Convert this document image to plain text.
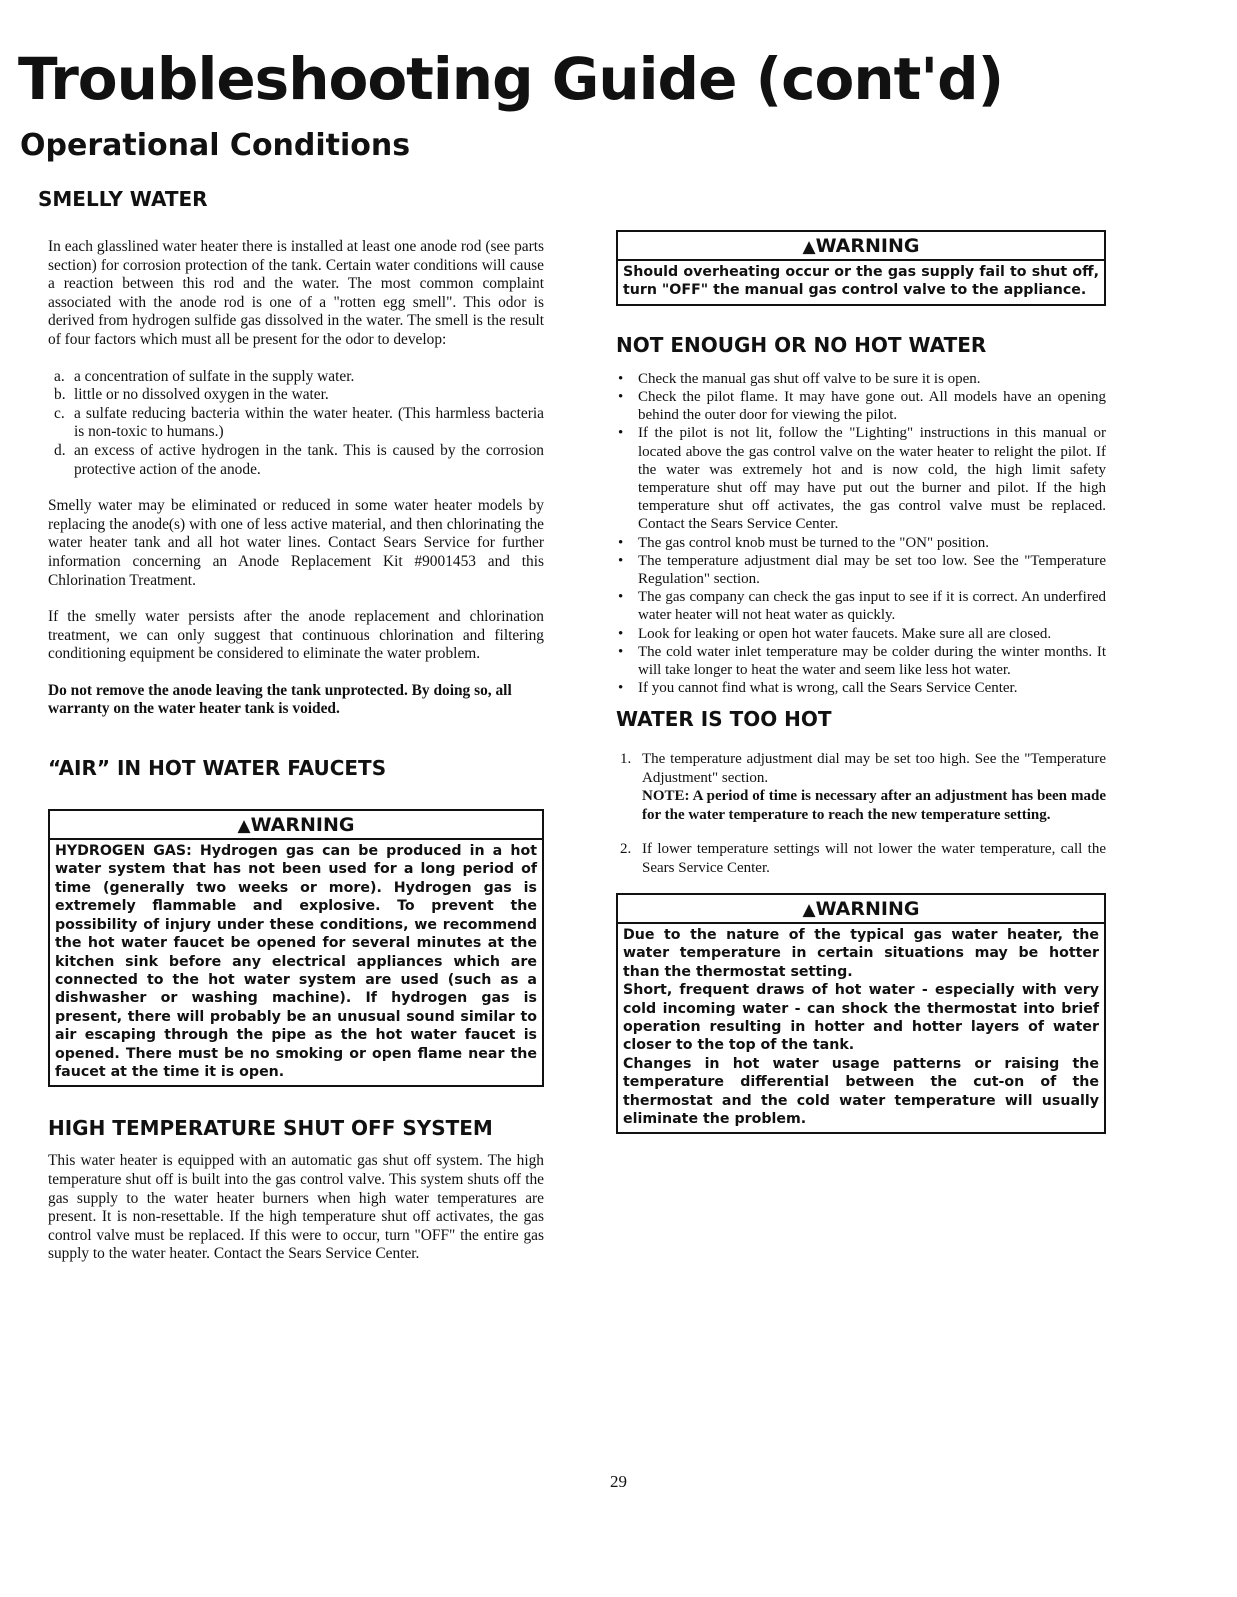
Troubleshooting Guide (cont'd)
Operational Conditions
SMELLY WATER

In each glasslined water heater there is installed at least one anode rod (see parts section) for corrosion protection of the tank. Certain water conditions will cause a reaction between this rod and the water. The most common complaint associated with the anode rod is one of a "rotten egg smell". This odor is derived from hydrogen sulfide gas dissolved in the water. The smell is the result of four factors which must all be present for the odor to develop:

a. a concentration of sulfate in the supply water.
b. little or no dissolved oxygen in the water.
c. a sulfate reducing bacteria within the water heater. (This harmless bacteria is non-toxic to humans.)
d. an excess of active hydrogen in the tank. This is caused by the corrosion protective action of the anode.

Smelly water may be eliminated or reduced in some water heater models by replacing the anode(s) with one of less active material, and then chlorinating the water heater tank and all hot water lines. Contact Sears Service for further information concerning an Anode Replacement Kit #9001453 and this Chlorination Treatment.

If the smelly water persists after the anode replacement and chlorination treatment, we can only suggest that continuous chlorination and filtering conditioning equipment be considered to eliminate the water problem.

Do not remove the anode leaving the tank unprotected. By doing so, all warranty on the water heater tank is voided.

“AIR” IN HOT WATER FAUCETS
▲WARNING

HYDROGEN GAS: Hydrogen gas can be produced in a hot water system that has not been used for a long period of time (generally two weeks or more). Hydrogen gas is extremely flammable and explosive. To prevent the possibility of injury under these conditions, we recommend the hot water faucet be opened for several minutes at the kitchen sink before any electrical appliances which are connected to the hot water system are used (such as a dishwasher or washing machine). If hydrogen gas is present, there will probably be an unusual sound similar to air escaping through the pipe as the hot water faucet is opened. There must be no smoking or open flame near the faucet at the time it is open.

HIGH TEMPERATURE SHUT OFF SYSTEM

This water heater is equipped with an automatic gas shut off system. The high temperature shut off is built into the gas control valve. This system shuts off the gas supply to the water heater burners when high water temperatures are present. It is non-resettable. If the high temperature shut off activates, the gas control valve must be replaced. If this were to occur, turn "OFF" the entire gas supply to the water heater. Contact the Sears Service Center.

▲WARNING

Should overheating occur or the gas supply fail to shut off, turn "OFF" the manual gas control valve to the appliance.

NOT ENOUGH OR NO HOT WATER
• Check the manual gas shut off valve to be sure it is open.
• Check the pilot flame. It may have gone out. All models have an opening behind the outer door for viewing the pilot.
• If the pilot is not lit, follow the "Lighting" instructions in this manual or located above the gas control valve on the water heater to relight the pilot. If the water was extremely hot and is now cold, the high limit safety temperature shut off may have put out the burner and pilot. If the high temperature shut off activates, the gas control valve must be replaced. Contact the Sears Service Center.
• The gas control knob must be turned to the "ON" position.
• The temperature adjustment dial may be set too low. See the "Temperature Regulation" section.
• The gas company can check the gas input to see if it is correct. An underfired water heater will not heat water as quickly.
• Look for leaking or open hot water faucets. Make sure all are closed.
• The cold water inlet temperature may be colder during the winter months. It will take longer to heat the water and seem like less hot water.
• If you cannot find what is wrong, call the Sears Service Center.
WATER IS TOO HOT
1. The temperature adjustment dial may be set too high. See the "Temperature Adjustment" section.
NOTE: A period of time is necessary after an adjustment has been made for the water temperature to reach the new temperature setting.
2. If lower temperature settings will not lower the water temperature, call the Sears Service Center.
▲WARNING

Due to the nature of the typical gas water heater, the water temperature in certain situations may be hotter than the thermostat setting.

Short, frequent draws of hot water - especially with very cold incoming water - can shock the thermostat into brief operation resulting in hotter and hotter layers of water closer to the top of the tank.

Changes in hot water usage patterns or raising the temperature differential between the cut-on of the thermostat and the cold water temperature will usually eliminate the problem.

29
